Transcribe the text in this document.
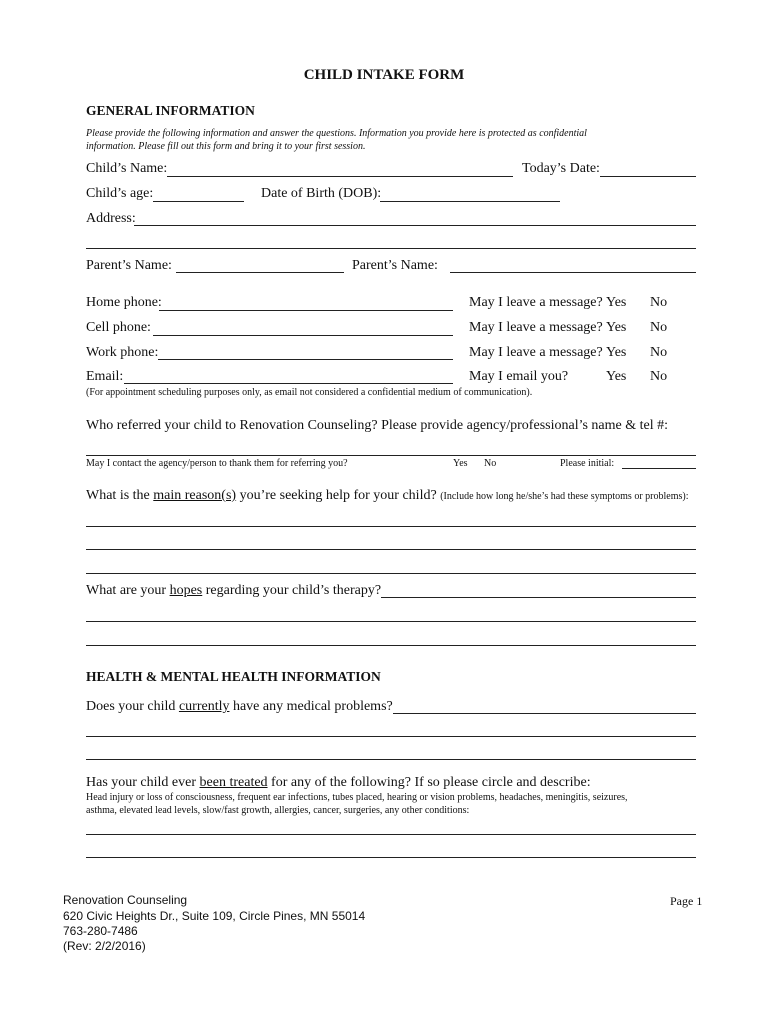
CHILD INTAKE FORM
GENERAL INFORMATION
Please provide the following information and answer the questions. Information you provide here is protected as confidential
information. Please fill out this form and bring it to your first session.
Child’s Name:	Today’s Date:
Child’s age:	Date of Birth (DOB):
Address:
Parent’s Name:	Parent’s Name:
Home phone:	May I leave a message? Yes No
Cell phone:	May I leave a message? Yes No
Work phone:	May I leave a message? Yes No
Email:	May I email you?	Yes No
(For appointment scheduling purposes only, as email not considered a confidential medium of communication).
Who referred your child to Renovation Counseling? Please provide agency/professional’s name & tel #:
May I contact the agency/person to thank them for referring you?	Yes No	Please initial:
What is the main reason(s) you’re seeking help for your child? (Include how long he/she’s had these symptoms or problems):
What are your hopes regarding your child’s therapy?
HEALTH & MENTAL HEALTH INFORMATION
Does your child currently have any medical problems?
Has your child ever been treated for any of the following? If so please circle and describe:
Head injury or loss of consciousness, frequent ear infections, tubes placed, hearing or vision problems, headaches, meningitis, seizures,
asthma, elevated lead levels, slow/fast growth, allergies, cancer, surgeries, any other conditions:
Renovation Counseling
620 Civic Heights Dr., Suite 109, Circle Pines, MN 55014
763-280-7486
(Rev: 2/2/2016)
Page 1
